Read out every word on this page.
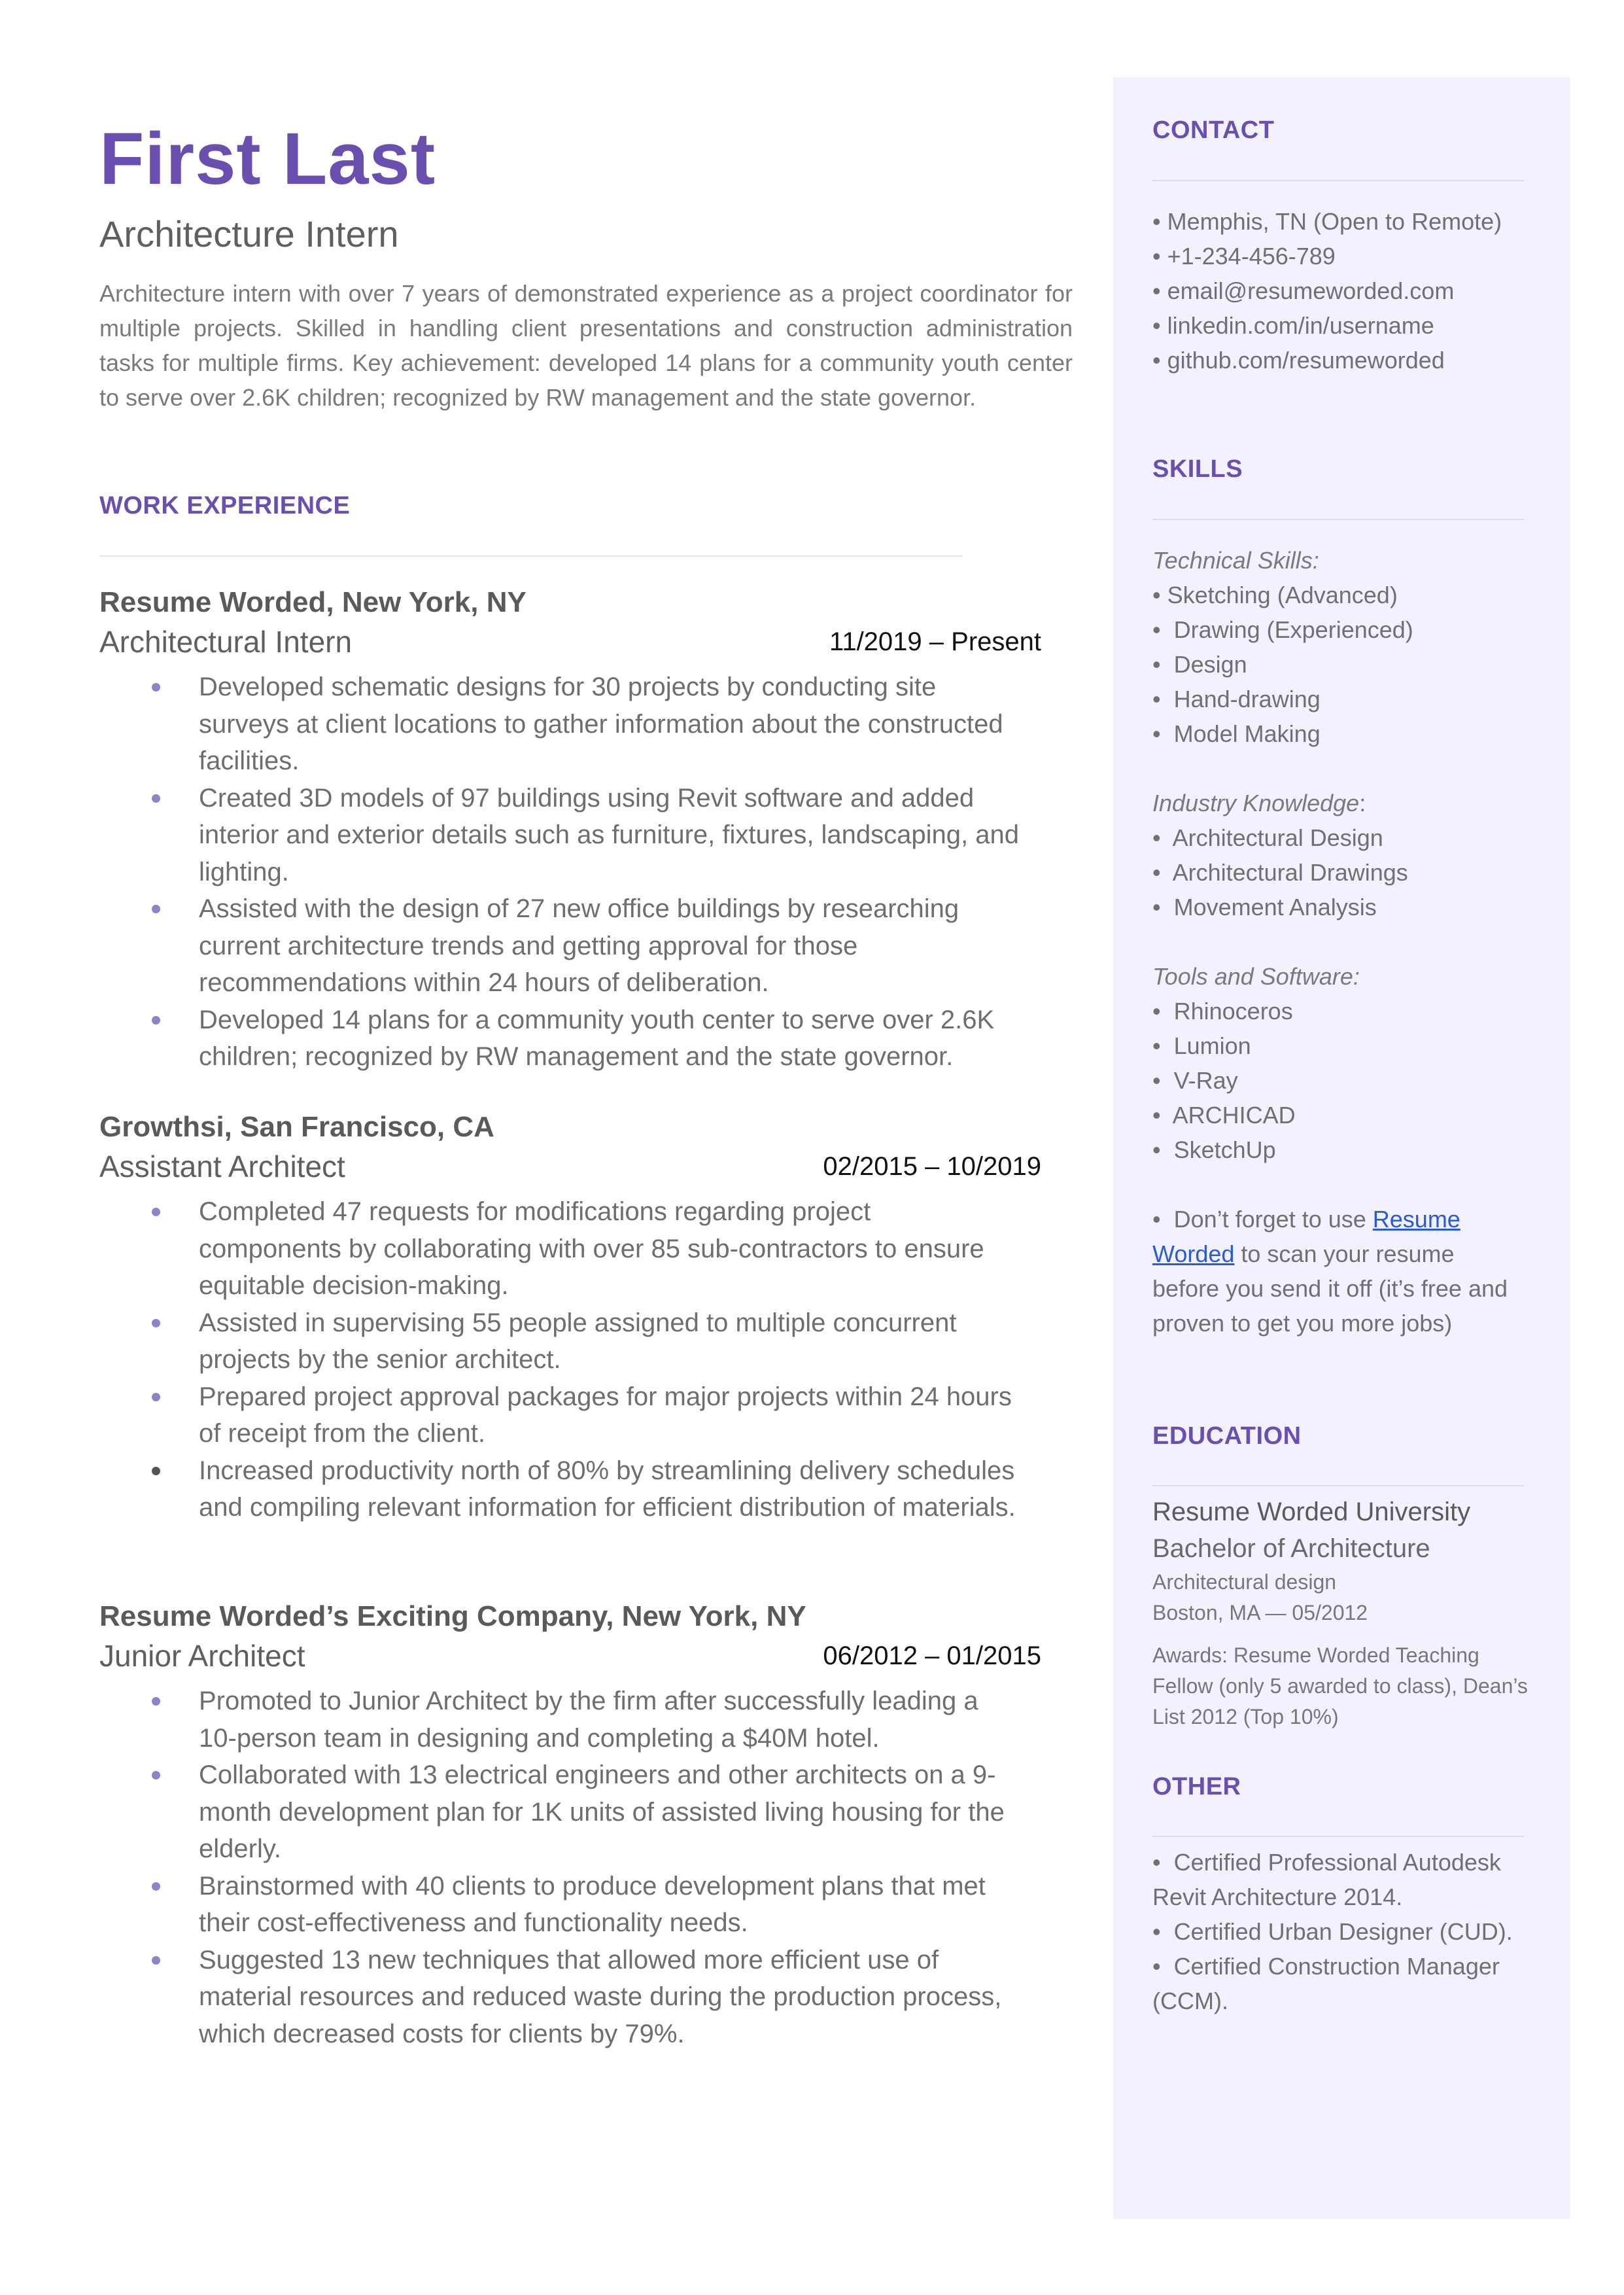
First Last
Architecture Intern
Architecture intern with over 7 years of demonstrated experience as a project coordinator for multiple projects. Skilled in handling client presentations and construction administration tasks for multiple firms. Key achievement: developed 14 plans for a community youth center to serve over 2.6K children; recognized by RW management and the state governor.
WORK EXPERIENCE
Resume Worded, New York, NY
Architectural Intern	11/2019 – Present
Developed schematic designs for 30 projects by conducting site surveys at client locations to gather information about the constructed facilities.
Created 3D models of 97 buildings using Revit software and added interior and exterior details such as furniture, fixtures, landscaping, and lighting.
Assisted with the design of 27 new office buildings by researching current architecture trends and getting approval for those recommendations within 24 hours of deliberation.
Developed 14 plans for a community youth center to serve over 2.6K children; recognized by RW management and the state governor.
Growthsi, San Francisco, CA
Assistant Architect	02/2015 – 10/2019
Completed 47 requests for modifications regarding project components by collaborating with over 85 sub-contractors to ensure equitable decision-making.
Assisted in supervising 55 people assigned to multiple concurrent projects by the senior architect.
Prepared project approval packages for major projects within 24 hours of receipt from the client.
Increased productivity north of 80% by streamlining delivery schedules and compiling relevant information for efficient distribution of materials.
Resume Worded’s Exciting Company, New York, NY
Junior Architect	06/2012 – 01/2015
Promoted to Junior Architect by the firm after successfully leading a 10-person team in designing and completing a $40M hotel.
Collaborated with 13 electrical engineers and other architects on a 9-month development plan for 1K units of assisted living housing for the elderly.
Brainstormed with 40 clients to produce development plans that met their cost-effectiveness and functionality needs.
Suggested 13 new techniques that allowed more efficient use of material resources and reduced waste during the production process, which decreased costs for clients by 79%.
CONTACT
• Memphis, TN (Open to Remote)
• +1-234-456-789
• email@resumeworded.com
• linkedin.com/in/username
• github.com/resumeworded
SKILLS
Technical Skills:
• Sketching (Advanced)
•  Drawing (Experienced)
•  Design
•  Hand-drawing
•  Model Making
Industry Knowledge:
•  Architectural Design
•  Architectural Drawings
•  Movement Analysis
Tools and Software:
•  Rhinoceros
•  Lumion
•  V-Ray
•  ARCHICAD
•  SketchUp
•  Don’t forget to use Resume
Worded to scan your resume
before you send it off (it’s free and
proven to get you more jobs)
EDUCATION
Resume Worded University
Bachelor of Architecture
Architectural design
Boston, MA — 05/2012
Awards: Resume Worded Teaching
Fellow (only 5 awarded to class), Dean’s
List 2012 (Top 10%)
OTHER
•  Certified Professional Autodesk
Revit Architecture 2014.
•  Certified Urban Designer (CUD).
•  Certified Construction Manager
(CCM).
